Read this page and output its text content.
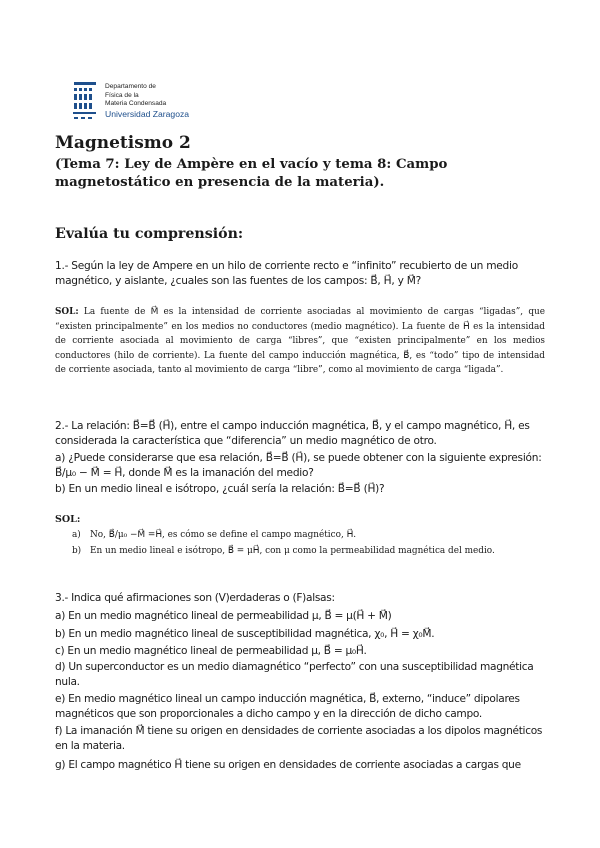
Departamento de
Física de la
Materia Condensada
Universidad Zaragoza
Magnetismo 2

(Tema 7: Ley de Ampère en el vacío y tema 8: Campo magnetostático en presencia de la materia).

Evalúa tu comprensión:
1.- Según la ley de Ampere en un hilo de corriente recto e “infinito” recubierto de un medio magnético, y aislante, ¿cuales son las fuentes de los campos: B⃗, H⃗, y M⃗?
SOL: La fuente de M⃗ es la intensidad de corriente asociadas al movimiento de cargas “ligadas”, que “existen principalmente” en los medios no conductores (medio magnético). La fuente de H⃗ es la intensidad de corriente asociada al movimiento de carga “libres”, que “existen principalmente” en los medios conductores (hilo de corriente). La fuente del campo inducción magnética, B⃗, es “todo” tipo de intensidad de corriente asociada, tanto al movimiento de carga “libre”, como al movimiento de carga “ligada”.
2.- La relación: B⃗=B⃗ (H⃗), entre el campo inducción magnética, B⃗, y el campo magnético, H⃗, es considerada la característica que “diferencia” un medio magnético de otro.
a) ¿Puede considerarse que esa relación, B⃗=B⃗ (H⃗), se puede obtener con la siguiente expresión: B⃗/μ₀ − M⃗ = H⃗, donde M⃗ es la imanación del medio?
b) En un medio lineal e isótropo, ¿cuál sería la relación: B⃗=B⃗ (H⃗)?
SOL:
a) No, B⃗/μ₀ −M⃗ =H⃗, es cómo se define el campo magnético, H⃗.
b) En un medio lineal e isótropo, B⃗ = μH⃗, con μ como la permeabilidad magnética del medio.
3.- Indica qué afirmaciones son (V)erdaderas o (F)alsas:
a) En un medio magnético lineal de permeabilidad μ, B⃗ = μ(H⃗ + M⃗)
b) En un medio magnético lineal de susceptibilidad magnética, χ₀, H⃗ = χ₀M⃗.
c) En un medio magnético lineal de permeabilidad μ, B⃗ = μ₀H⃗.
d) Un superconductor es un medio diamagnético “perfecto” con una susceptibilidad magnética nula.
e) En medio magnético lineal un campo inducción magnética, B⃗, externo, “induce” dipolares magnéticos que son proporcionales a dicho campo y en la dirección de dicho campo.
f) La imanación M⃗ tiene su origen en densidades de corriente asociadas a los dipolos magnéticos en la materia.
g) El campo magnético H⃗ tiene su origen en densidades de corriente asociadas a cargas que
